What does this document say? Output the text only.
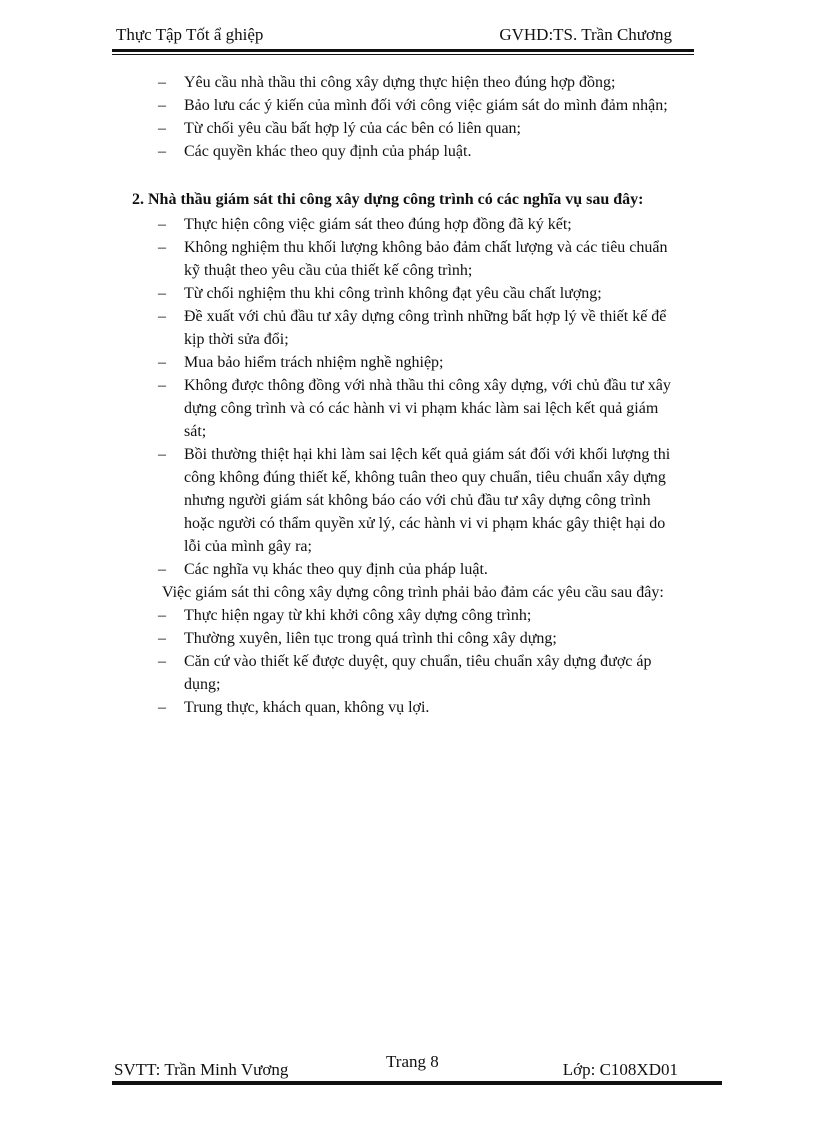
Thực Tập Tốt ẩ ghiệp	GVHD:TS. Trần Chương
– Yêu cầu nhà thầu thi công xây dựng thực hiện theo đúng hợp đồng;
– Bảo lưu các ý kiến của mình đối với công việc giám sát do mình đảm nhận;
– Từ chối yêu cầu bất hợp lý của các bên có liên quan;
– Các quyền khác theo quy định của pháp luật.
2. Nhà thầu giám sát thi công xây dựng công trình có các nghĩa vụ sau đây:
– Thực hiện công việc giám sát theo đúng hợp đồng đã ký kết;
– Không nghiệm thu khối lượng không bảo đảm chất lượng và các tiêu chuẩn
kỹ thuật theo yêu cầu của thiết kế công trình;
– Từ chối nghiệm thu khi công trình không đạt yêu cầu chất lượng;
– Đề xuất với chủ đầu tư xây dựng công trình những bất hợp lý về thiết kế để
kịp thời sửa đổi;
– Mua bảo hiểm trách nhiệm nghề nghiệp;
– Không được thông đồng với nhà thầu thi công xây dựng, với chủ đầu tư xây
dựng công trình và có các hành vi vi phạm khác làm sai lệch kết quả giám
sát;
– Bồi thường thiệt hại khi làm sai lệch kết quả giám sát đối với khối lượng thi
công không đúng thiết kế, không tuân theo quy chuẩn, tiêu chuẩn xây dựng
nhưng người giám sát không báo cáo với chủ đầu tư xây dựng công trình
hoặc người có thẩm quyền xử lý, các hành vi vi phạm khác gây thiệt hại do
lỗi của mình gây ra;
– Các nghĩa vụ khác theo quy định của pháp luật.
Việc giám sát thi công xây dựng công trình phải bảo đảm các yêu cầu sau đây:
– Thực hiện ngay từ khi khởi công xây dựng công trình;
– Thường xuyên, liên tục trong quá trình thi công xây dựng;
– Căn cứ vào thiết kế được duyệt, quy chuẩn, tiêu chuẩn xây dựng được áp
dụng;
– Trung thực, khách quan, không vụ lợi.
SVTT: Trần Minh Vương	Trang 8	Lớp: C108XD01
